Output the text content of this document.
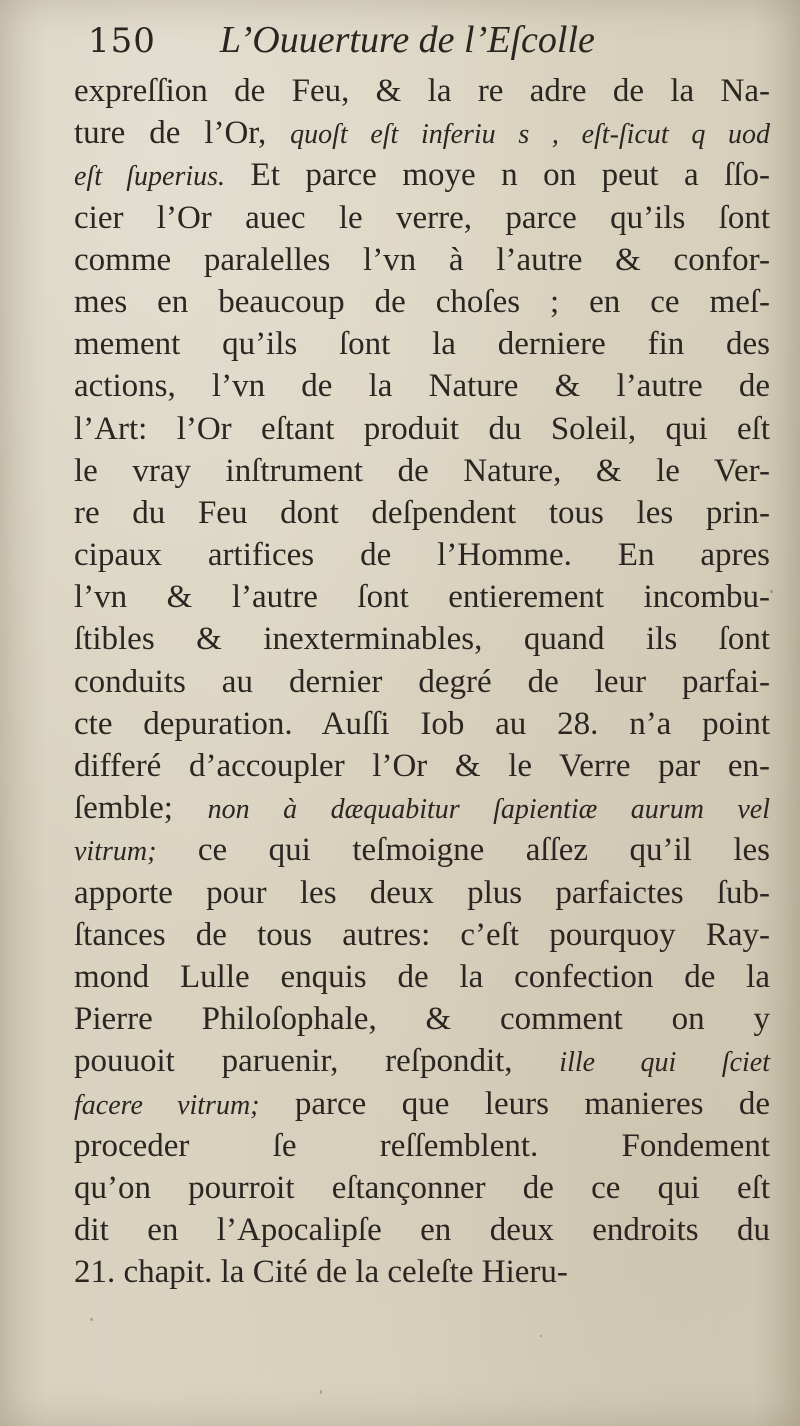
150 L’Ouuerture de l’Eſcolle
expreſſion de Feu, & la re adre de la Na-
ture de l’Or, quoſt eſt inferiu s , eſt-ſicut q uod
eſt ſuperius. Et parce moye n on peut a ſſo-
cier l’Or auec le verre, parce qu’ils ſont
comme paralelles l’vn à l’autre & confor-
mes en beaucoup de choſes ; en ce meſ-
mement qu’ils ſont la derniere fin des
actions, l’vn de la Nature & l’autre de
l’Art: l’Or eſtant produit du Soleil, qui eſt
le vray inſtrument de Nature, & le Ver-
re du Feu dont deſpendent tous les prin-
cipaux artifices de l’Homme. En apres
l’vn & l’autre ſont entierement incombu-
ſtibles & inexterminables, quand ils ſont
conduits au dernier degré de leur parfai-
cte depuration. Auſſi Iob au 28. n’a point
differé d’accoupler l’Or & le Verre par en-
ſemble; non à dæquabitur ſapientiæ aurum vel
vitrum; ce qui teſmoigne aſſez qu’il les
apporte pour les deux plus parfaictes ſub-
ſtances de tous autres: c’eſt pourquoy Ray-
mond Lulle enquis de la confection de la
Pierre Philoſophale, & comment on y
pouuoit paruenir, reſpondit, ille qui ſciet
facere vitrum; parce que leurs manieres de
proceder ſe reſſemblent. Fondement
qu’on pourroit eſtançonner de ce qui eſt
dit en l’Apocalipſe en deux endroits du
21. chapit. la Cité de la celeſte Hieru-
